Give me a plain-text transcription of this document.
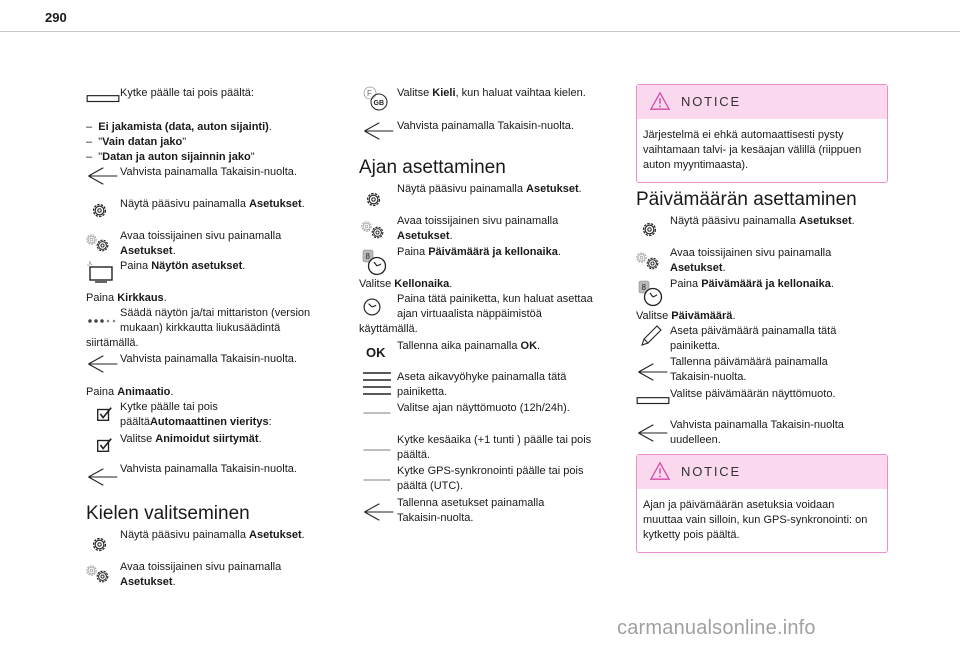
290
Kytke päälle tai pois päältä:
– Ei jakamista (data, auton sijainti).
– "Vain datan jako"
– "Datan ja auton sijainnin jako"
Vahvista painamalla Takaisin-nuolta.
Näytä pääsivu painamalla Asetukset.
Avaa toissijainen sivu painamalla
Asetukset.
Paina Näytön asetukset.
Paina Kirkkaus.
Säädä näytön ja/tai mittariston (version
mukaan) kirkkautta liukusäädintä
siirtämällä.
Vahvista painamalla Takaisin-nuolta.
Paina Animaatio.
Kytke päälle tai pois
päältäAutomaattinen vieritys:
Valitse Animoidut siirtymät.
Vahvista painamalla Takaisin-nuolta.
Kielen valitseminen
Näytä pääsivu painamalla Asetukset.
Avaa toissijainen sivu painamalla
Asetukset.
F
GB
Valitse Kieli, kun haluat vaihtaa kielen.
Vahvista painamalla Takaisin-nuolta.
Ajan asettaminen
Näytä pääsivu painamalla Asetukset.
Avaa toissijainen sivu painamalla
Asetukset.
8 Paina Päivämäärä ja kellonaika.
Valitse Kellonaika.
Paina tätä painiketta, kun haluat asettaa
ajan virtuaalista näppäimistöä
käyttämällä.
OK Tallenna aika painamalla OK.
Aseta aikavyöhyke painamalla tätä
painiketta.
Valitse ajan näyttömuoto (12h/24h).
Kytke kesäaika (+1 tunti ) päälle tai pois
päältä.
Kytke GPS-synkronointi päälle tai pois
päältä (UTC).
Tallenna asetukset painamalla
Takaisin-nuolta.
NOTICE
Järjestelmä ei ehkä automaattisesti pysty
vaihtamaan talvi- ja kesäajan välillä (riippuen
auton myyntimaasta).
Päivämäärän asettaminen
Näytä pääsivu painamalla Asetukset.
Avaa toissijainen sivu painamalla
Asetukset.
8 Paina Päivämäärä ja kellonaika.
Valitse Päivämäärä.
Aseta päivämäärä painamalla tätä
painiketta.
Tallenna päivämäärä painamalla
Takaisin-nuolta.
Valitse päivämäärän näyttömuoto.
Vahvista painamalla Takaisin-nuolta
uudelleen.
NOTICE
Ajan ja päivämäärän asetuksia voidaan
muuttaa vain silloin, kun GPS-synkronointi: on
kytketty pois päältä.
carmanualsonline.info
